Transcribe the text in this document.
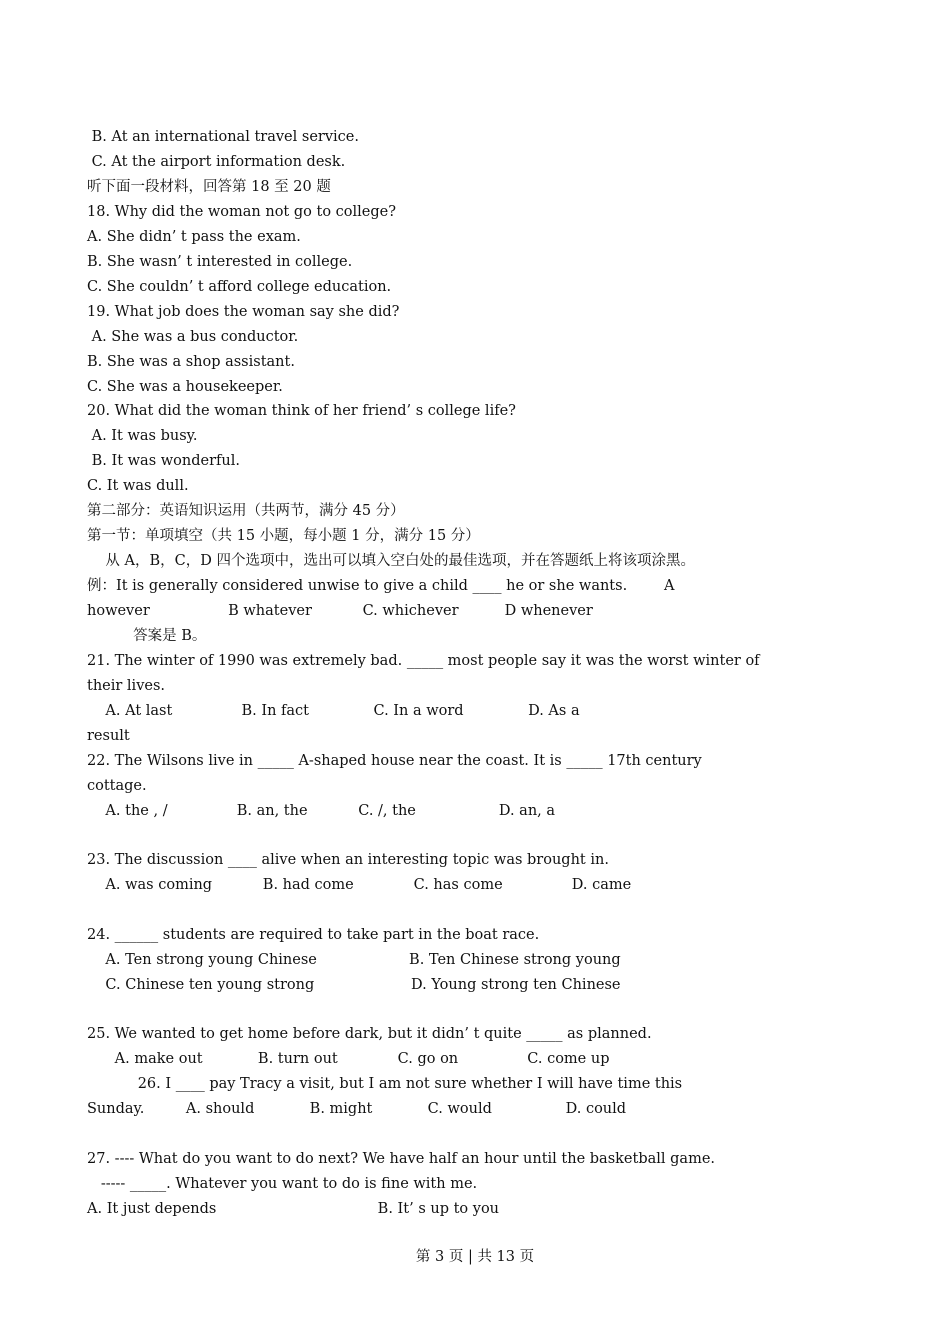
B. At an international travel service.
C. At the airport information desk.
听下面一段材料，回答第 18 至 20 题
18. Why did the woman not go to college?
A. She didn’ t pass the exam.
B. She wasn’ t interested in college.
C. She couldn’ t afford college education.
19. What job does the woman say she did?
A. She was a bus conductor.
B. She was a shop assistant.
C. She was a housekeeper.
20. What did the woman think of her friend’ s college life?
A. It was busy.
B. It was wonderful.
C. It was dull.
第二部分：英语知识运用（共两节，满分 45 分）
第一节：单项填空（共 15 小题，每小题 1 分，满分 15 分）
从 A，B，C，D 四个选项中，选出可以填入空白处的最佳选项，并在答题纸上将该项涂黑。
例：It is generally considered unwise to give a child ____ he or she wants.        A
however                 B whatever           C. whichever          D whenever
答案是 B。
21. The winter of 1990 was extremely bad. _____ most people say it was the worst winter of
their lives.
A. At last               B. In fact              C. In a word              D. As a
result
22. The Wilsons live in _____ A-shaped house near the coast. It is _____ 17th century
cottage.
A. the , /               B. an, the           C. /, the                  D. an, a
23. The discussion ____ alive when an interesting topic was brought in.
A. was coming           B. had come             C. has come               D. came
24. ______ students are required to take part in the boat race.
A. Ten strong young Chinese                    B. Ten Chinese strong young
C. Chinese ten young strong                     D. Young strong ten Chinese
25. We wanted to get home before dark, but it didn’ t quite _____ as planned.
A. make out            B. turn out             C. go on               C. come up
26. I ____ pay Tracy a visit, but I am not sure whether I will have time this
Sunday.         A. should            B. might            C. would                D. could
27. ---- What do you want to do next? We have half an hour until the basketball game.
----- _____. Whatever you want to do is fine with me.
A. It just depends                                   B. It’ s up to you
第 3 页 | 共 13 页
